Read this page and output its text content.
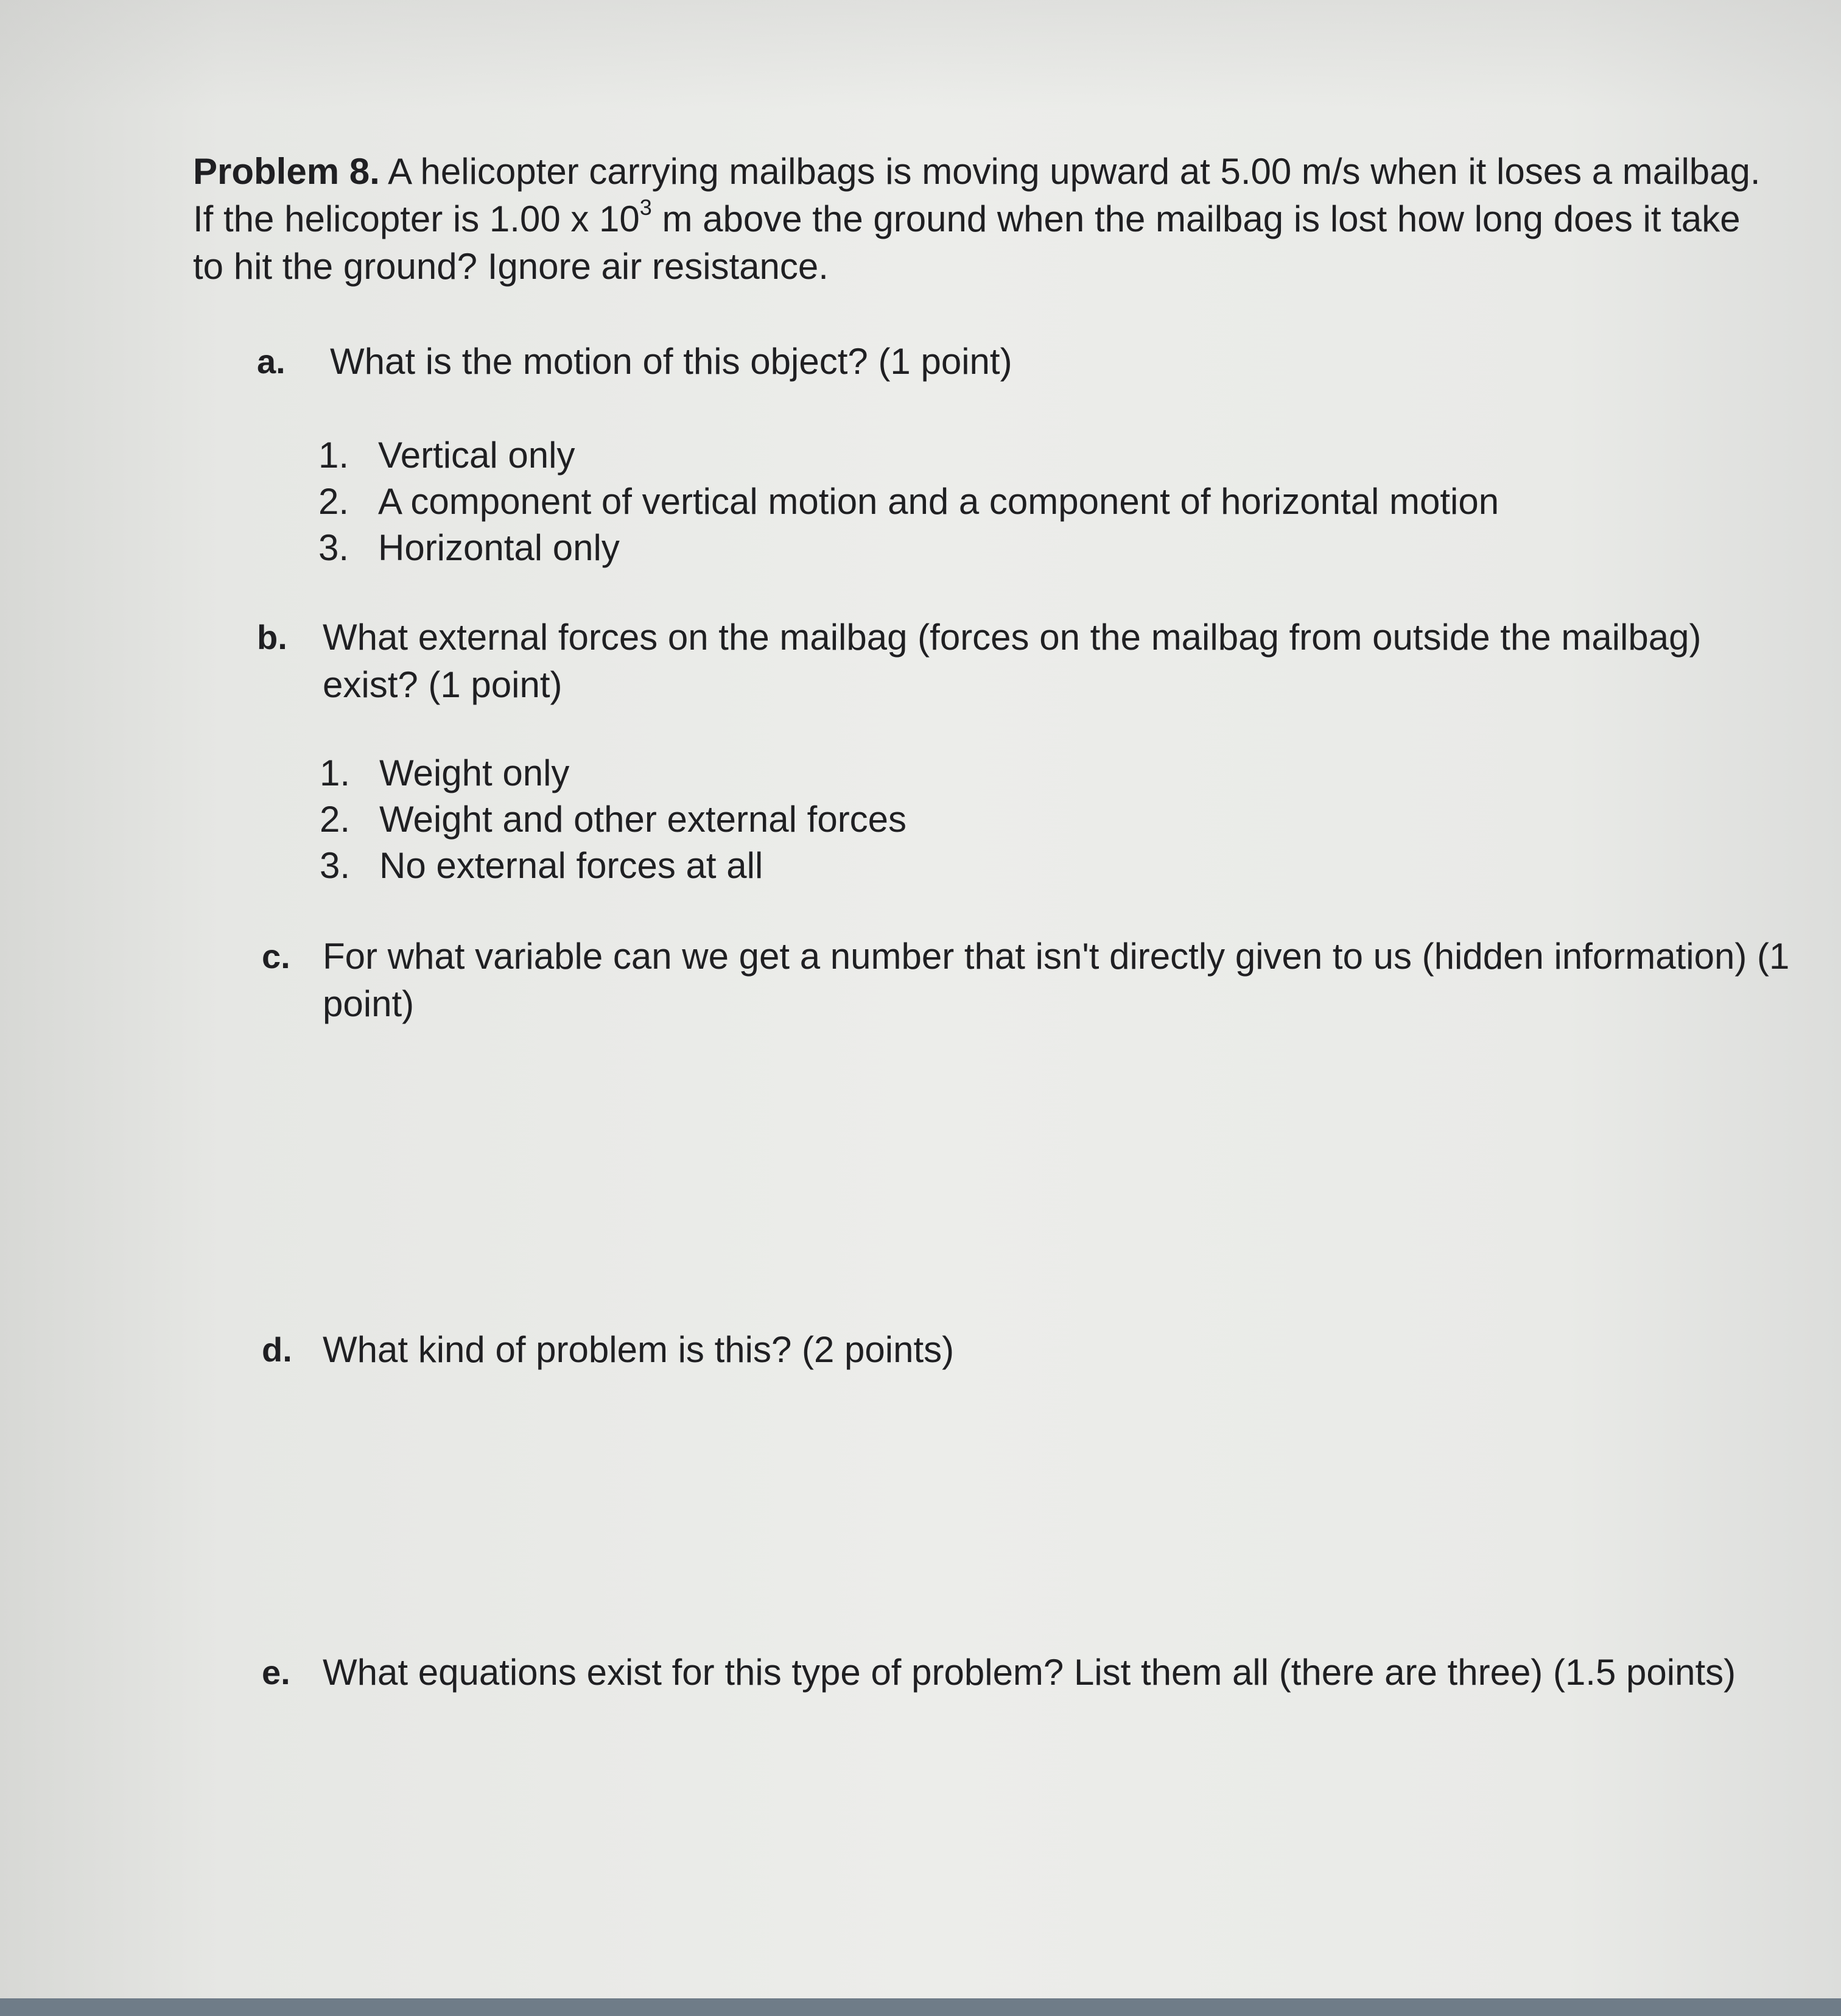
Problem 8. A helicopter carrying mailbags is moving upward at 5.00 m/s when it loses a mailbag. If the helicopter is 1.00 x $10^3$ m above the ground when the mailbag is lost how long does it take to hit the ground? Ignore air resistance.

a. What is the motion of this object? (1 point)
1. Vertical only
2. A component of vertical motion and a component of horizontal motion
3. Horizontal only
b. What external forces on the mailbag (forces on the mailbag from outside the mailbag) exist? (1 point)
1. Weight only
2. Weight and other external forces
3. No external forces at all
c. For what variable can we get a number that isn't directly given to us (hidden information) (1 point)
d. What kind of problem is this? (2 points)
e. What equations exist for this type of problem? List them all (there are three) (1.5 points)
